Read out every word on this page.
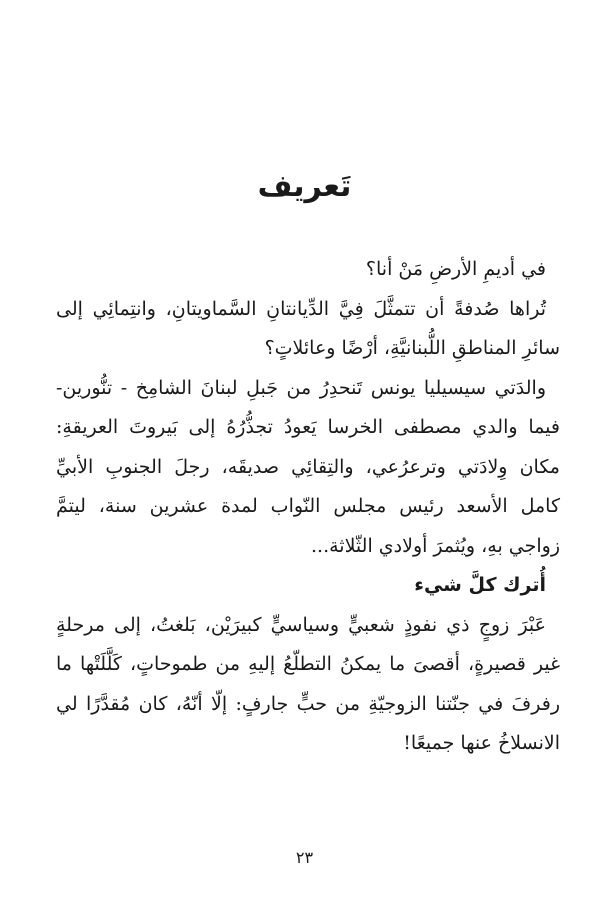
تَعريف

في أديمِ الأرضِ مَنْ أنا؟

تُراها صُدفةً أن تتمثَّلَ فِيَّ الدِّيانتانِ السَّماويتانِ، وانتِمائِي إلى سائرِ المناطقِ اللُّبنانيَّةِ، أرْضًا وعائلاتٍ؟

والدَتي سيسيليا يونس تَنحدِرُ من جَبلِ لبنانَ الشامِخ - تنُّورين- فيما والدي مصطفى الخرسا يَعودُ تجذُّرُهُ إلى بَيروتَ العريقةِ: مكان وِلادَتي وترعرُعي، والتِقائِي صديقَه، رجلَ الجنوبِ الأبيِّ كامل الأسعد رئيس مجلس النّواب لمدة عشرين سنة، ليتمَّ زواجي بهِ، ويُثمرَ أولادي الثّلاثة...

أُترك كلَّ شيء

عَبْرَ زوجٍ ذي نفوذٍ شعبيٍّ وسياسيٍّ كبيرَيْن، بَلغتُ، إلى مرحلةٍ غير قصيرةٍ، أقصىَ ما يمكنُ التطلّعُ إليهِ من طموحاتٍ، كَلَّلَتْها ما رفرفَ في جنّتنا الزوجيّةِ من حبٍّ جارفٍ: إلّا أنّهُ، كان مُقدَّرًا لي الانسلاخُ عنها جميعًا!

٢٣
